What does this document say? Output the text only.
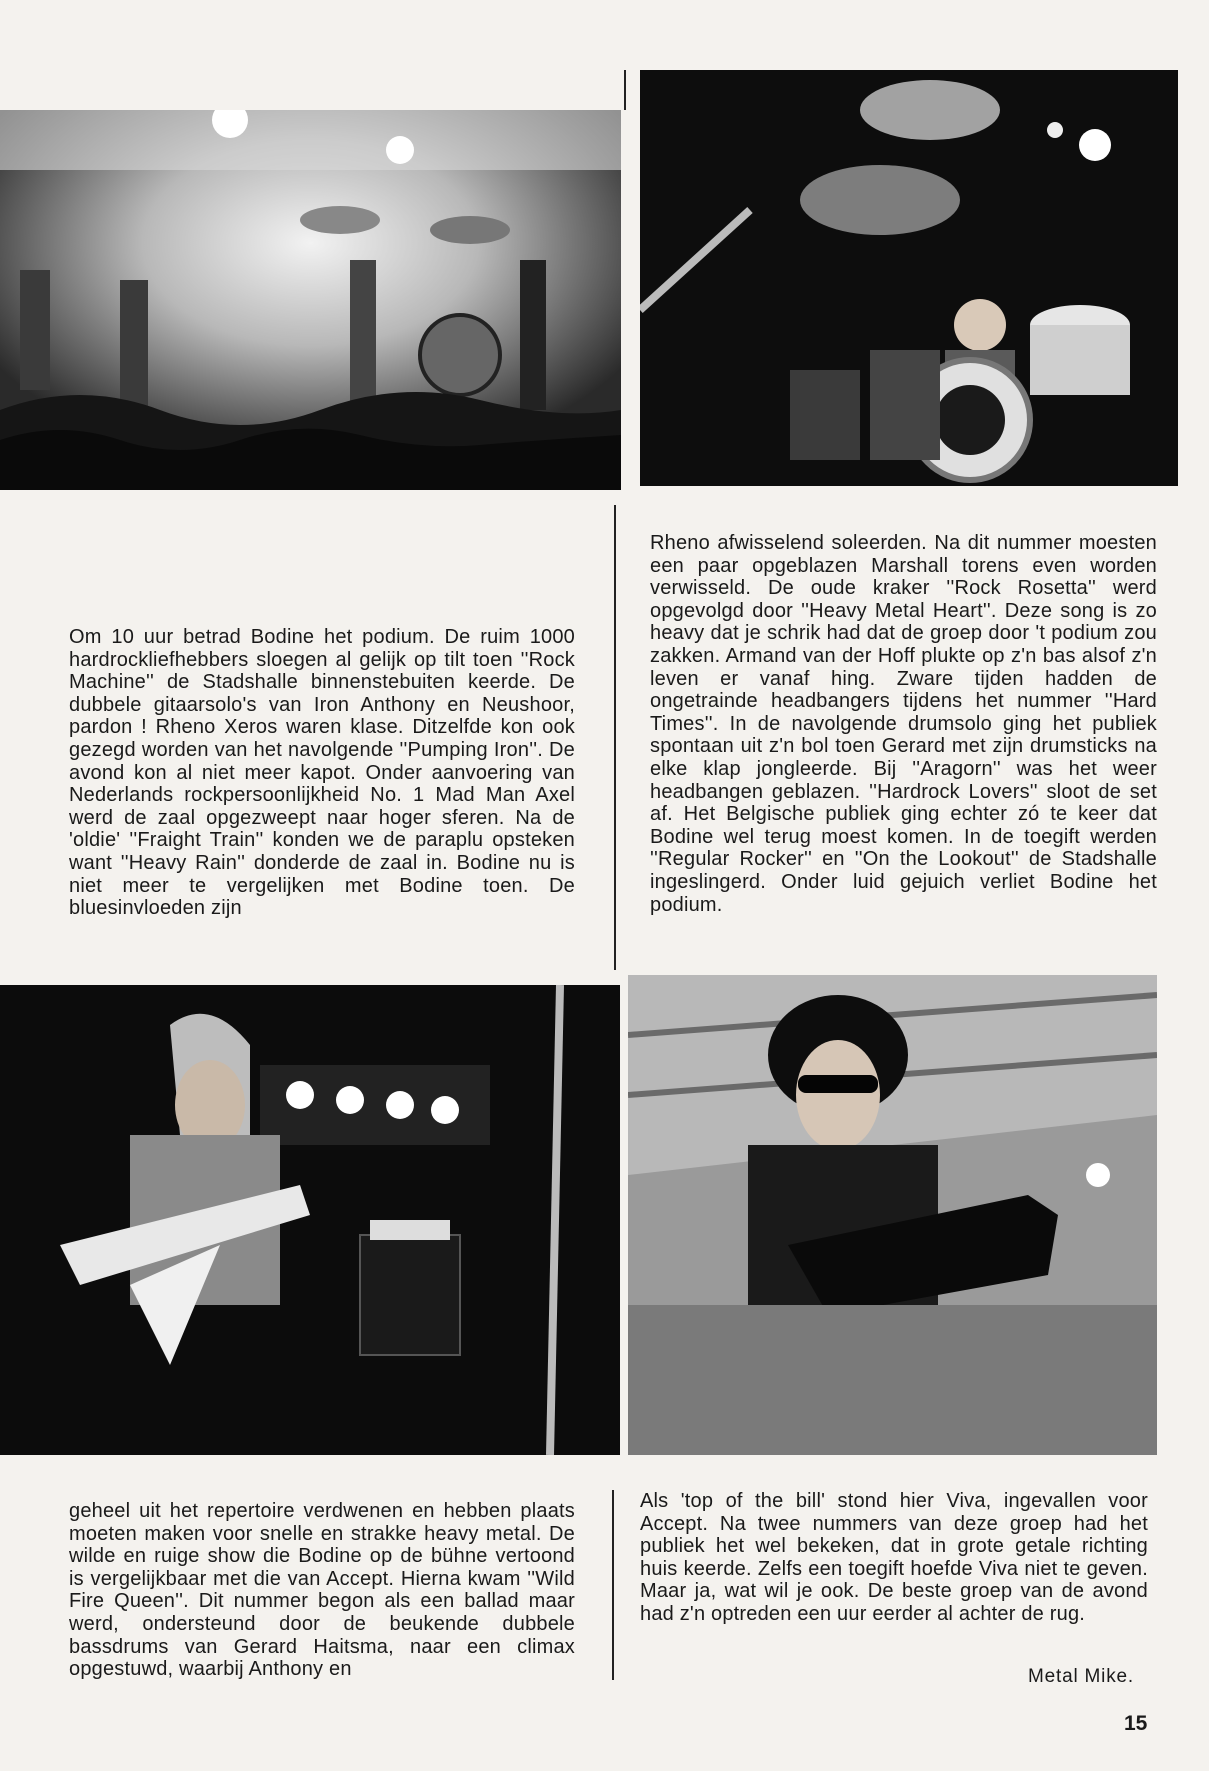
Om 10 uur betrad Bodine het podium. De ruim 1000 hardrockliefhebbers sloegen al gelijk op tilt toen ''Rock Machine'' de Stadshalle binnenstebuiten keerde. De dubbele gitaarsolo's van Iron Anthony en Neushoor, pardon ! Rheno Xeros waren klase. Ditzelfde kon ook gezegd worden van het navolgende ''Pumping Iron''. De avond kon al niet meer kapot. Onder aanvoering van Nederlands rockpersoonlijkheid No. 1 Mad Man Axel werd de zaal opgezweept naar hoger sferen. Na de 'oldie' ''Fraight Train'' konden we de paraplu opsteken want ''Heavy Rain'' donderde de zaal in. Bodine nu is niet meer te vergelijken met Bodine toen. De bluesinvloeden zijn

Rheno afwisselend soleerden. Na dit nummer moesten een paar opgeblazen Marshall torens even worden verwisseld. De oude kraker ''Rock Rosetta'' werd opgevolgd door ''Heavy Metal Heart''. Deze song is zo heavy dat je schrik had dat de groep door 't podium zou zakken. Armand van der Hoff plukte op z'n bas alsof z'n leven er vanaf hing. Zware tijden hadden de ongetrainde headbangers tijdens het nummer ''Hard Times''. In de navolgende drumsolo ging het publiek spontaan uit z'n bol toen Gerard met zijn drumsticks na elke klap jongleerde. Bij ''Aragorn'' was het weer headbangen geblazen. ''Hardrock Lovers'' sloot de set af. Het Belgische publiek ging echter zó te keer dat Bodine wel terug moest komen. In de toegift werden ''Regular Rocker'' en ''On the Lookout'' de Stadshalle ingeslingerd. Onder luid gejuich verliet Bodine het podium.

geheel uit het repertoire verdwenen en hebben plaats moeten maken voor snelle en strakke heavy metal. De wilde en ruige show die Bodine op de bühne vertoond is vergelijkbaar met die van Accept. Hierna kwam ''Wild Fire Queen''. Dit nummer begon als een ballad maar werd, ondersteund door de beukende dubbele bassdrums van Gerard Haitsma, naar een climax opgestuwd, waarbij Anthony en

Als 'top of the bill' stond hier Viva, ingevallen voor Accept. Na twee nummers van deze groep had het publiek het wel bekeken, dat in grote getale richting huis keerde. Zelfs een toegift hoefde Viva niet te geven. Maar ja, wat wil je ook. De beste groep van de avond had z'n optreden een uur eerder al achter de rug.

Metal Mike.
15
